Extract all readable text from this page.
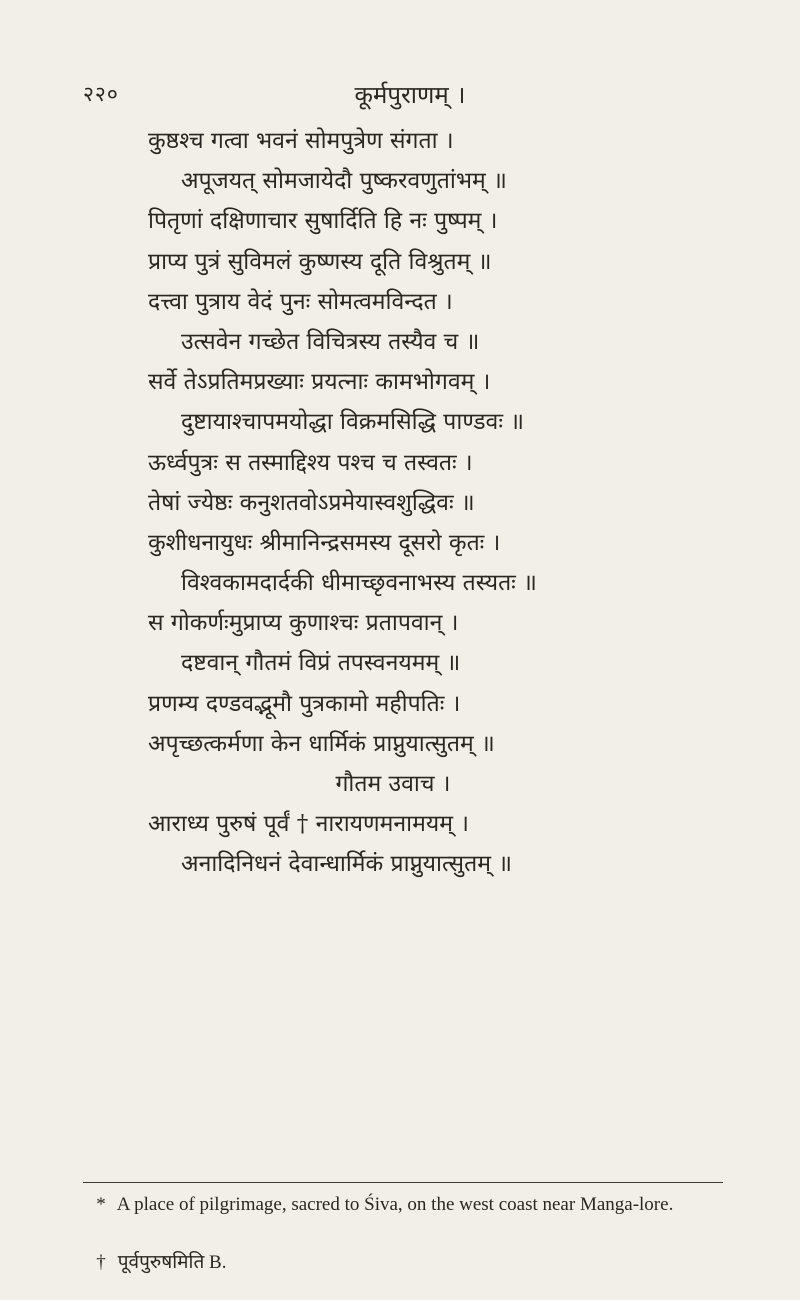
२२०	कूर्मपुराणम् ।
कुष्ठश्च गत्वा भवनं सोमपुत्रेण संगता ।
अपूजयत् सोमजायेदौ पुष्करवणुतांभम् ॥
पितृणां दक्षिणाचार सुषार्दिति हि नः पुष्पम् ।
प्राप्य पुत्रं सुविमलं कुष्णस्य दूति विश्रुतम् ॥
दत्त्वा पुत्राय वेदं पुनः सोमत्वमविन्दत ।
उत्सवेन गच्छेत विचित्रस्य तस्यैव च ॥
सर्वे तेऽप्रतिमप्रख्याः प्रयत्नाः कामभोगवम् ।
दुष्टायाश्चापमयोद्धा विक्रमसिद्धि पाण्डवः ॥
ऊर्ध्वपुत्रः स तस्माद्दिश्य पश्च च तस्वतः ।
तेषां ज्येष्ठः कनुशतवोऽप्रमेयास्वशुद्धिवः ॥
कुशीधनायुधः श्रीमानिन्द्रसमस्य दूसरो कृतः ।
विश्वकामदार्दकी धीमाच्छृवनाभस्य तस्यतः ॥
स गोकर्णःमुप्राप्य कुणाश्चः प्रतापवान् ।
दष्टवान् गौतमं विप्रं तपस्वनयमम् ॥
प्रणम्य दण्डवद्भूमौ पुत्रकामो महीपतिः ।
अपृच्छत्कर्मणा केन धार्मिकं प्राप्नुयात्सुतम् ॥
गौतम उवाच ।
आराध्य पुरुषं पूर्वं † नारायणमनामयम् ।
अनादिनिधनं देवान्धार्मिकं प्राप्नुयात्सुतम् ॥
* A place of pilgrimage, sacred to Śiva, on the west coast near Manga-lore.
† पूर्वपुरुषमिति B.
